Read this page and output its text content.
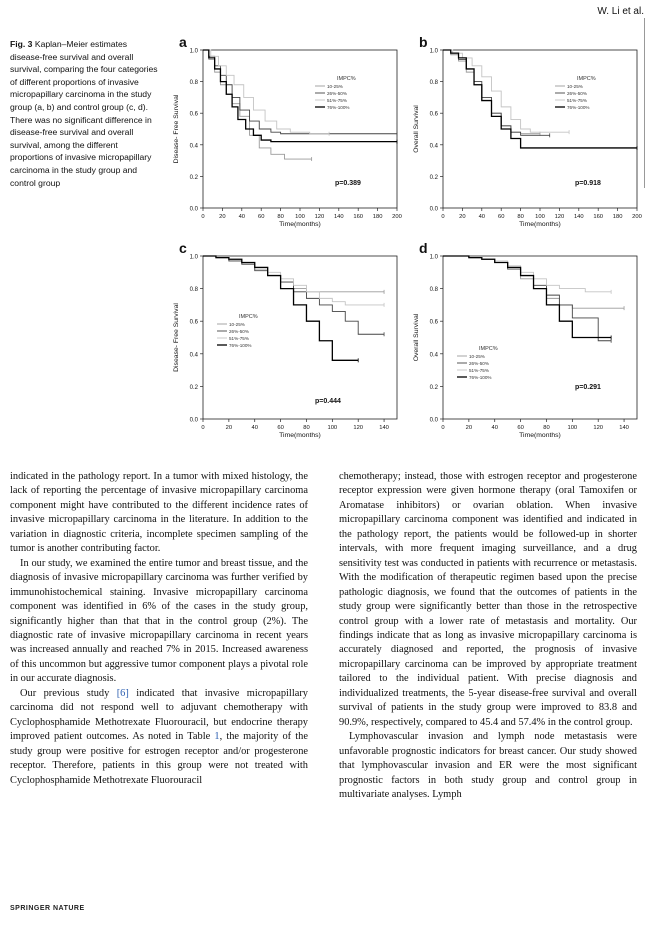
W. Li et al.
Fig. 3 Kaplan–Meier estimates disease-free survival and overall survival, comparing the four categories of different proportions of invasive micropapillary carcinoma in the study group (a, b) and control group (c, d). There was no significant difference in disease-free survival and overall survival, among the different proportions of invasive micropapillary carcinoma in the study group and control group
a
0.0
0.2
0.4
0.6
0.8
1.0
0	20 40 60 80 100 120 140 160 180 200
Time(months)
Disease- Free Survival
IMPC%
10-25%
26%-50%
51%-75%
76%-100%
p=0.389
b
0.0
0.2
0.4
0.6
0.8
1.0
0	20 40 60 80 100 120 140 160 180 200
Time(months)
Overall Survival
IMPC%
10-25%
26%-50%
51%-75%
76%-100%
p=0.918
c
0.0
0.2
0.4
0.6
0.8
1.0
0	20	40	60	80	100	120	140
Time(months)
Disease- Free Survival	IMPC%
10-25%
26%-50%
51%-75%
76%-100%
p=0.444
d
0.0
0.2
0.4
0.6
0.8
1.0
0	20	40	60	80	100	120	140
Time(months)
Overall Survival	IMPC%
10-25%
26%-50%
51%-75%
76%-100%
p=0.291

indicated in the pathology report. In a tumor with mixed histology, the lack of reporting the percentage of invasive micropapillary carcinoma component might have contributed to the different incidence rates of invasive micropapillary carcinoma in the literature. In addition to the variation in diagnostic criteria, incomplete specimen sampling of the tumor is another contributing factor.

In our study, we examined the entire tumor and breast tissue, and the diagnosis of invasive micropapillary carcinoma was further verified by immunohistochemical staining. Invasive micropapillary carcinoma component was identified in 6% of the cases in the study group, significantly higher than that that in the control group (2%). The diagnostic rate of invasive micropapillary carcinoma in recent years was increased annually and reached 7% in 2015. Increased awareness of this uncommon but aggressive tumor component plays a pivotal role in our accurate diagnosis.

Our previous study [6] indicated that invasive micropapillary carcinoma did not respond well to adjuvant chemotherapy with Cyclophosphamide Methotrexate Fluorouracil, but endocrine therapy improved patient outcomes. As noted in Table 1, the majority of the study group were positive for estrogen receptor and/or progesterone receptor. Therefore, patients in this group were not treated with Cyclophosphamide Methotrexate Fluorouracil

chemotherapy; instead, those with estrogen receptor and progesterone receptor expression were given hormone therapy (oral Tamoxifen or Aromatase inhibitors) or ovarian oblation. When invasive micropapillary carcinoma component was identified and indicated in the pathology report, the patients would be followed-up in shorter intervals, with more frequent imaging surveillance, and a drug sensitivity test was conducted in patients with recurrence or metastasis. With the modification of therapeutic regimen based upon the precise pathologic diagnosis, we found that the outcomes of patients in the study group were significantly better than those in the retrospective control group with a lower rate of metastasis and mortality. Our findings indicate that as long as invasive micropapillary carcinoma is accurately diagnosed and reported, the prognosis of invasive micropapillary carcinoma can be improved by appropriate treatment tailored to the individual patient. With precise diagnosis and individualized treatments, the 5-year disease-free survival and overall survival of patients in the study group were improved to 83.8 and 90.9%, respectively, compared to 45.4 and 57.4% in the control group.

Lymphovascular invasion and lymph node metastasis were unfavorable prognostic indicators for breast cancer. Our study showed that lymphovascular invasion and ER were the most significant prognostic factors in both study group and control group in multivariate analyses. Lymph

SPRINGER NATURE
